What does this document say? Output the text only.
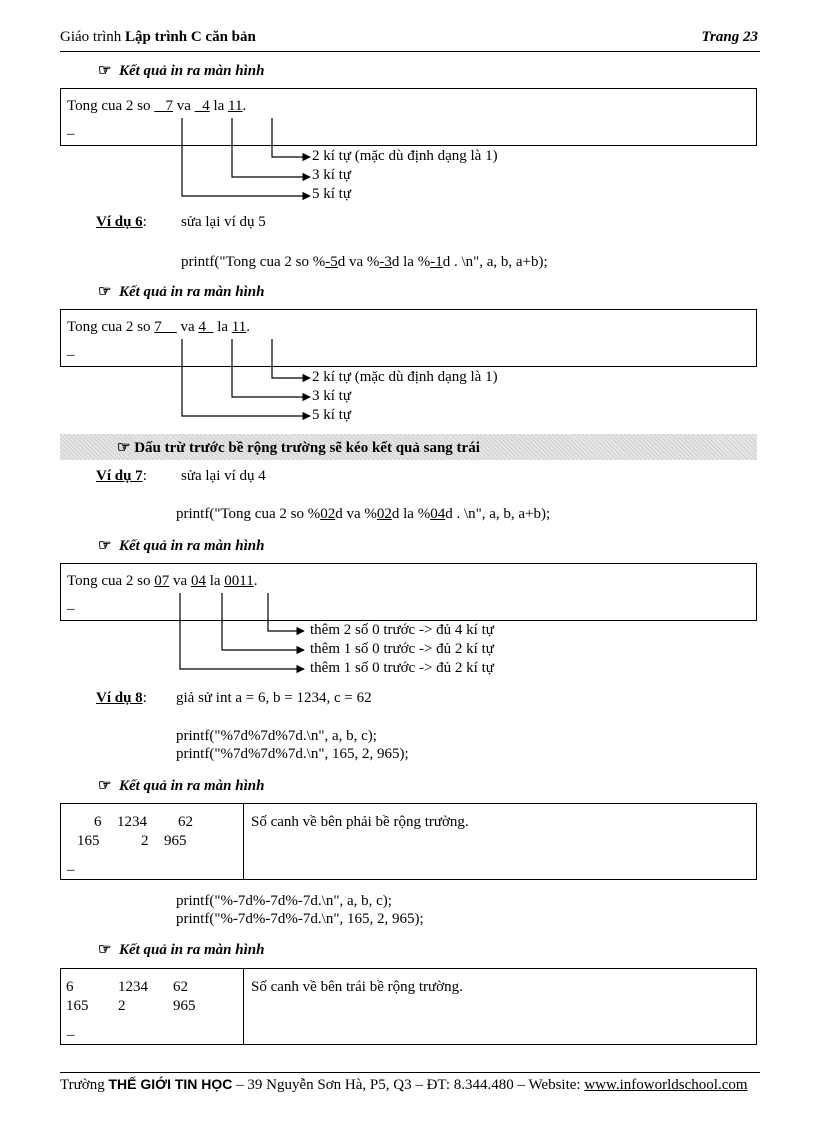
Giáo trình Lập trình C căn bản	Trang 23
☞ Kết quả in ra màn hình
Tong cua 2 so    7 va   4 la 11.
_
2 kí tự (mặc dù định dạng là 1)
3 kí tự
5 kí tự
Ví dụ 6: sửa lại ví dụ 5
printf("Tong cua 2 so %-5d va %-3d la %-1d . \n", a, b, a+b);
☞ Kết quả in ra màn hình
Tong cua 2 so 7     va 4   la 11.
_
2 kí tự (mặc dù định dạng là 1)
3 kí tự
5 kí tự
☞ Dấu trừ trước bề rộng trường sẽ kéo kết quả sang trái
Ví dụ 7: sửa lại ví dụ 4
printf("Tong cua 2 so %02d va %02d la %04d . \n", a, b, a+b);
☞ Kết quả in ra màn hình
Tong cua 2 so 07 va 04 la 0011.
_
thêm 2 số 0 trước -> đủ 4 kí tự
thêm 1 số 0 trước -> đủ 2 kí tự
thêm 1 số 0 trước -> đủ 2 kí tự
Ví dụ 8: giả sử int a = 6, b = 1234, c = 62
printf("%7d%7d%7d.\n", a, b, c);
printf("%7d%7d%7d.\n", 165, 2, 965);
☞ Kết quả in ra màn hình
6 1234 62
165	2 965
_
Số canh về bên phải bề rộng trường.
printf("%-7d%-7d%-7d.\n", a, b, c);
printf("%-7d%-7d%-7d.\n", 165, 2, 965);
☞ Kết quả in ra màn hình
6	1234 62
165 2	965
_
Số canh về bên trái bề rộng trường.
Trường THẾ GIỚI TIN HỌC – 39 Nguyễn Sơn Hà, P5, Q3 – ĐT: 8.344.480 – Website: www.infoworldschool.com
